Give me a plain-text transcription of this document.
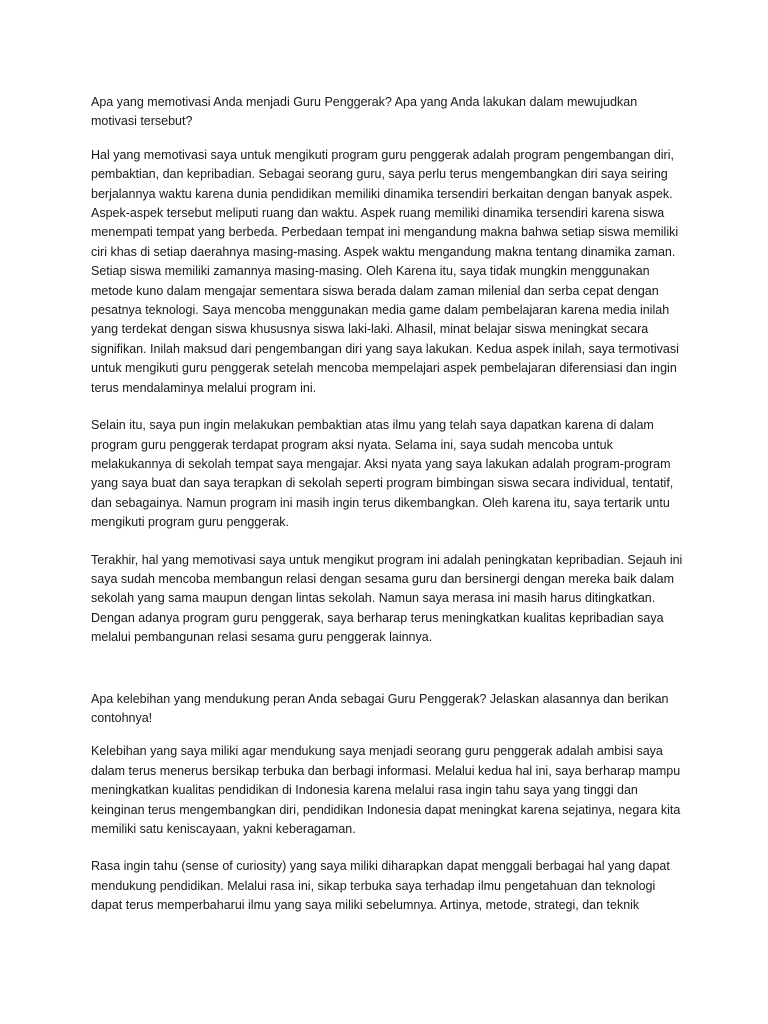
Apa yang memotivasi Anda menjadi Guru Penggerak? Apa yang Anda lakukan dalam mewujudkan motivasi tersebut?

Hal yang memotivasi saya untuk mengikuti program guru penggerak adalah program pengembangan diri, pembaktian, dan kepribadian. Sebagai seorang guru, saya perlu terus mengembangkan diri saya seiring berjalannya waktu karena dunia pendidikan memiliki dinamika tersendiri berkaitan dengan banyak aspek. Aspek-aspek tersebut meliputi ruang dan waktu. Aspek ruang memiliki dinamika tersendiri karena siswa menempati tempat yang berbeda. Perbedaan tempat ini mengandung makna bahwa setiap siswa memiliki ciri khas di setiap daerahnya masing-masing. Aspek waktu mengandung makna tentang dinamika zaman. Setiap siswa memiliki zamannya masing-masing. Oleh Karena itu, saya tidak mungkin menggunakan metode kuno dalam mengajar sementara siswa berada dalam zaman milenial dan serba cepat dengan pesatnya teknologi. Saya mencoba menggunakan media game dalam pembelajaran karena media inilah yang terdekat dengan siswa khususnya siswa laki-laki. Alhasil, minat belajar siswa meningkat secara signifikan. Inilah maksud dari pengembangan diri yang saya lakukan. Kedua aspek inilah, saya termotivasi untuk mengikuti guru penggerak setelah mencoba mempelajari aspek pembelajaran diferensiasi dan ingin terus mendalaminya melalui program ini.

Selain itu, saya pun ingin melakukan pembaktian atas ilmu yang telah saya dapatkan karena di dalam program guru penggerak terdapat program aksi nyata. Selama ini, saya sudah mencoba untuk melakukannya di sekolah tempat saya mengajar. Aksi nyata yang saya lakukan adalah program-program yang saya buat dan saya terapkan di sekolah seperti program bimbingan siswa secara individual, tentatif, dan sebagainya. Namun program ini masih ingin terus dikembangkan. Oleh karena itu, saya tertarik untu mengikuti program guru penggerak.

Terakhir, hal yang memotivasi saya untuk mengikut program ini adalah peningkatan kepribadian. Sejauh ini saya sudah mencoba membangun relasi dengan sesama guru dan bersinergi dengan mereka baik dalam sekolah yang sama maupun dengan lintas sekolah. Namun saya merasa ini masih harus ditingkatkan. Dengan adanya program guru penggerak, saya berharap terus meningkatkan kualitas kepribadian saya melalui pembangunan relasi sesama guru penggerak lainnya.

Apa kelebihan yang mendukung peran Anda sebagai Guru Penggerak? Jelaskan alasannya dan berikan contohnya!

Kelebihan yang saya miliki agar mendukung saya menjadi seorang guru penggerak adalah ambisi saya dalam terus menerus bersikap terbuka dan berbagi informasi. Melalui kedua hal ini, saya berharap mampu meningkatkan kualitas pendidikan di Indonesia karena melalui rasa ingin tahu saya yang tinggi dan keinginan terus mengembangkan diri, pendidikan Indonesia dapat meningkat karena sejatinya, negara kita memiliki satu keniscayaan, yakni keberagaman.

Rasa ingin tahu (sense of curiosity) yang saya miliki diharapkan dapat menggali berbagai hal yang dapat mendukung pendidikan. Melalui rasa ini, sikap terbuka saya terhadap ilmu pengetahuan dan teknologi dapat terus memperbaharui ilmu yang saya miliki sebelumnya. Artinya, metode, strategi, dan teknik
